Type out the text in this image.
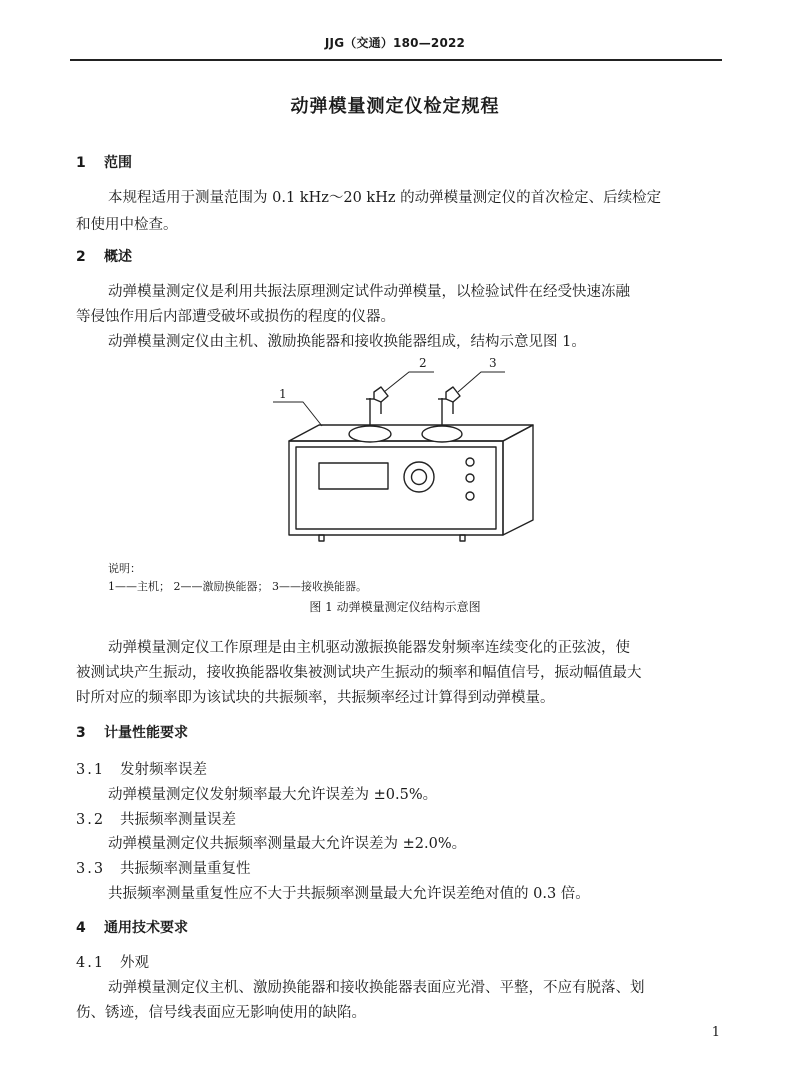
JJG（交通）180—2022
动弹模量测定仪检定规程
1 范围
本规程适用于测量范围为 0.1 kHz～20 kHz 的动弹模量测定仪的首次检定、后续检定
和使用中检查。
2 概述
动弹模量测定仪是利用共振法原理测定试件动弹模量，以检验试件在经受快速冻融
等侵蚀作用后内部遭受破坏或损伤的程度的仪器。
动弹模量测定仪由主机、激励换能器和接收换能器组成，结构示意见图 1。
1
2	3
说明：
1——主机； 2——激励换能器； 3——接收换能器。
图 1 动弹模量测定仪结构示意图
动弹模量测定仪工作原理是由主机驱动激振换能器发射频率连续变化的正弦波，使
被测试块产生振动，接收换能器收集被测试块产生振动的频率和幅值信号，振动幅值最大
时所对应的频率即为该试块的共振频率，共振频率经过计算得到动弹模量。
3 计量性能要求
3.1 发射频率误差
动弹模量测定仪发射频率最大允许误差为 ±0.5%。
3.2 共振频率测量误差
动弹模量测定仪共振频率测量最大允许误差为 ±2.0%。
3.3 共振频率测量重复性
共振频率测量重复性应不大于共振频率测量最大允许误差绝对值的 0.3 倍。
4 通用技术要求
4.1 外观
动弹模量测定仪主机、激励换能器和接收换能器表面应光滑、平整，不应有脱落、划
伤、锈迹，信号线表面应无影响使用的缺陷。
1
